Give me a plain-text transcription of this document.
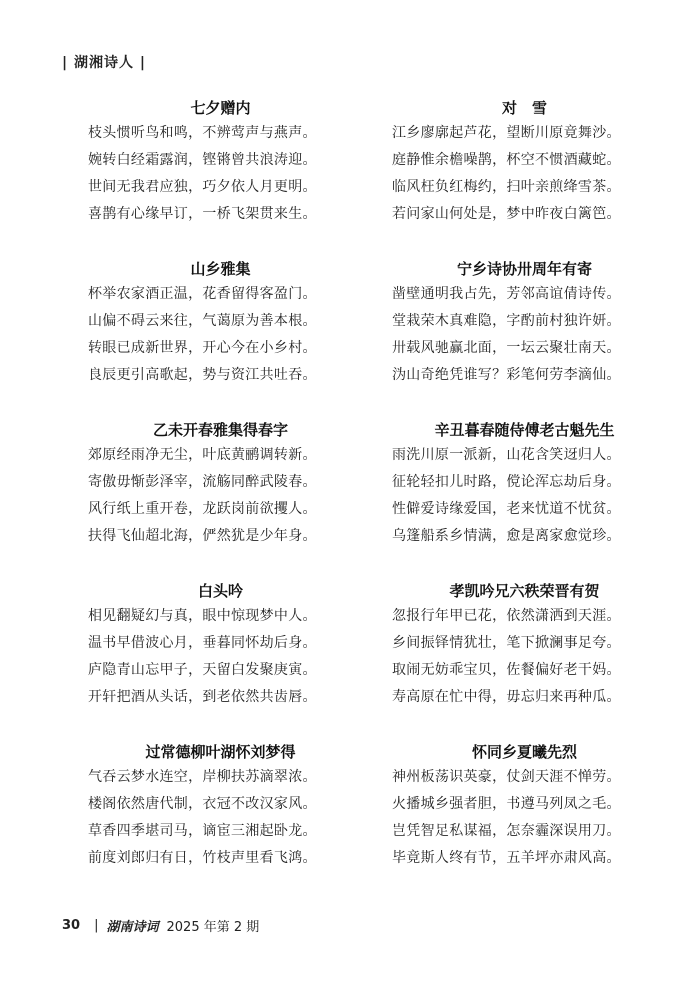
| 湖湘诗人 |
七夕赠内
枝头惯听鸟和鸣，不辨莺声与燕声。
婉转白经霜露润，铿锵曾共浪涛迎。
世间无我君应独，巧夕依人月更明。
喜鹊有心缘早订，一桥飞架贯来生。
山乡雅集
杯举农家酒正温，花香留得客盈门。
山偏不碍云来往，气蔼原为善本根。
转眼已成新世界，开心今在小乡村。
良辰更引高歌起，势与资江共吐吞。
乙未开春雅集得春字
郊原经雨净无尘，叶底黄鹂调转新。
寄傲毋惭彭泽宰，流觞同醉武陵春。
风行纸上重开卷，龙跃岗前欲攫人。
扶得飞仙超北海，俨然犹是少年身。
白头吟
相见翻疑幻与真，眼中惊现梦中人。
温书早借波心月，垂暮同怀劫后身。
庐隐青山忘甲子，天留白发聚庚寅。
开轩把酒从头话，到老依然共齿唇。
过常德柳叶湖怀刘梦得
气吞云梦水连空，岸柳扶苏滴翠浓。
楼阁依然唐代制，衣冠不改汉家风。
草香四季堪司马，谪宦三湘起卧龙。
前度刘郎归有日，竹枝声里看飞鸿。
对　雪
江乡廖廓起芦花，望断川原竟舞沙。
庭静惟余檐噪鹊，杯空不惯酒藏蛇。
临风枉负红梅约，扫叶亲煎绛雪茶。
若问家山何处是，梦中昨夜白篱笆。
宁乡诗协卅周年有寄
凿壁通明我占先，芳邻高谊倩诗传。
堂栽荣木真难隐，字酌前村独许妍。
卅载风驰赢北面，一坛云聚壮南天。
沩山奇绝凭谁写？彩笔何劳李滴仙。
辛丑暮春随侍傅老古魁先生
雨洗川原一派新，山花含笑迓归人。
征轮轻扣儿时路，傥论浑忘劫后身。
性僻爱诗缘爱国，老来忧道不忧贫。
乌篷船系乡情满，愈是离家愈觉珍。
孝凯吟兄六秩荣晋有贺
忽报行年甲已花，依然潇洒到天涯。
乡间振铎情犹壮，笔下掀澜事足夸。
取闹无妨乖宝贝，佐餐偏好老干妈。
寿高原在忙中得，毋忘归来再种瓜。
怀同乡夏曦先烈
神州板荡识英豪，仗剑天涯不惮劳。
火播城乡强者胆，书遵马列凤之毛。
岂凭智足私谋福，怎奈霾深误用刀。
毕竟斯人终有节，五羊坪亦肃风高。
30 | 湖南诗词 2025 年第 2 期
